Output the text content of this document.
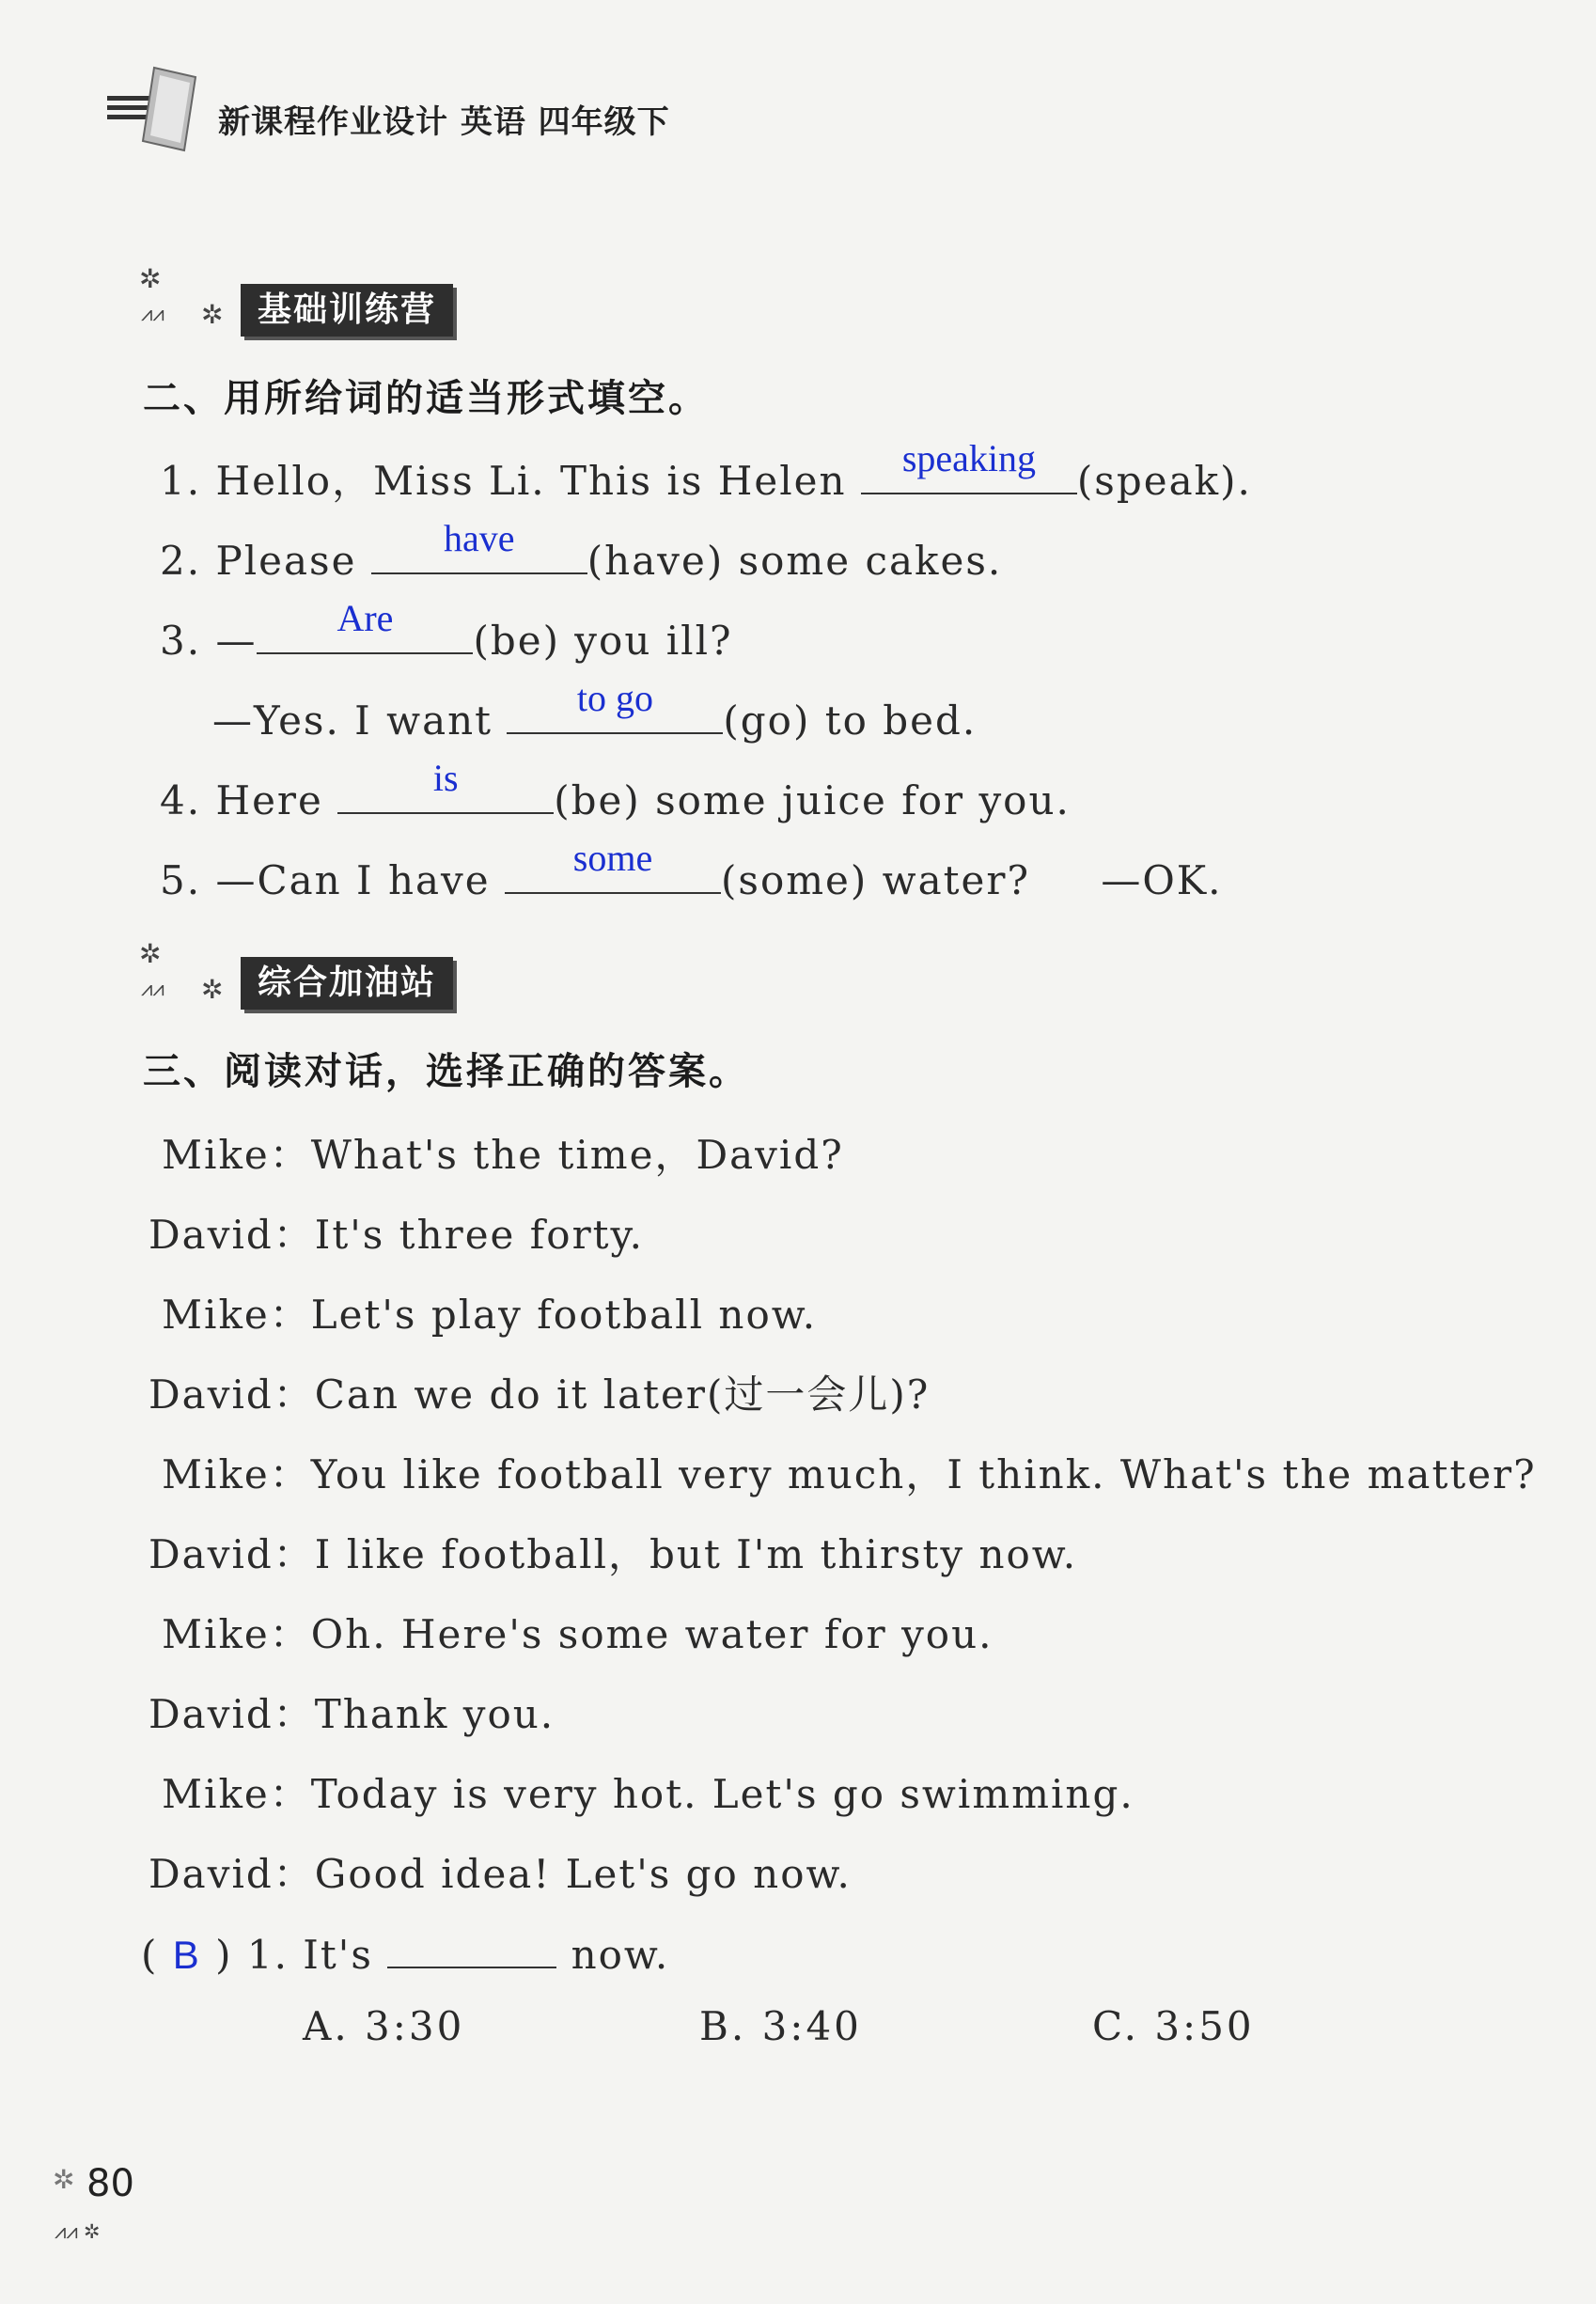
新课程作业设计 英语 四年级下
✲
⩘⩘ ✲	基础训练营
二、用所给词的适当形式填空。
1. Hello，Miss Li. This is Helen	speaking	(speak).
2. Please	have	(have) some cakes.
3. —	Are	(be) you ill?
—Yes. I want	to go	(go) to bed.
4. Here	is	(be) some juice for you.
5. —Can I have	some	(some) water? —OK.
✲
⩘⩘ ✲	综合加油站
三、阅读对话，选择正确的答案。
Mike：What's the time，David?
David：It's three forty.
Mike：Let's play football now.
David：Can we do it later(过一会儿)?
Mike：You like football very much，I think. What's the matter?
David：I like football，but I'm thirsty now.
Mike：Oh. Here's some water for you.
David：Thank you.
Mike：Today is very hot. Let's go swimming.
David：Good idea! Let's go now.
( B ) 1. It's	now.
A. 3:30	B. 3:40	C. 3:50
✲ 80
⩘⩘ ✲
